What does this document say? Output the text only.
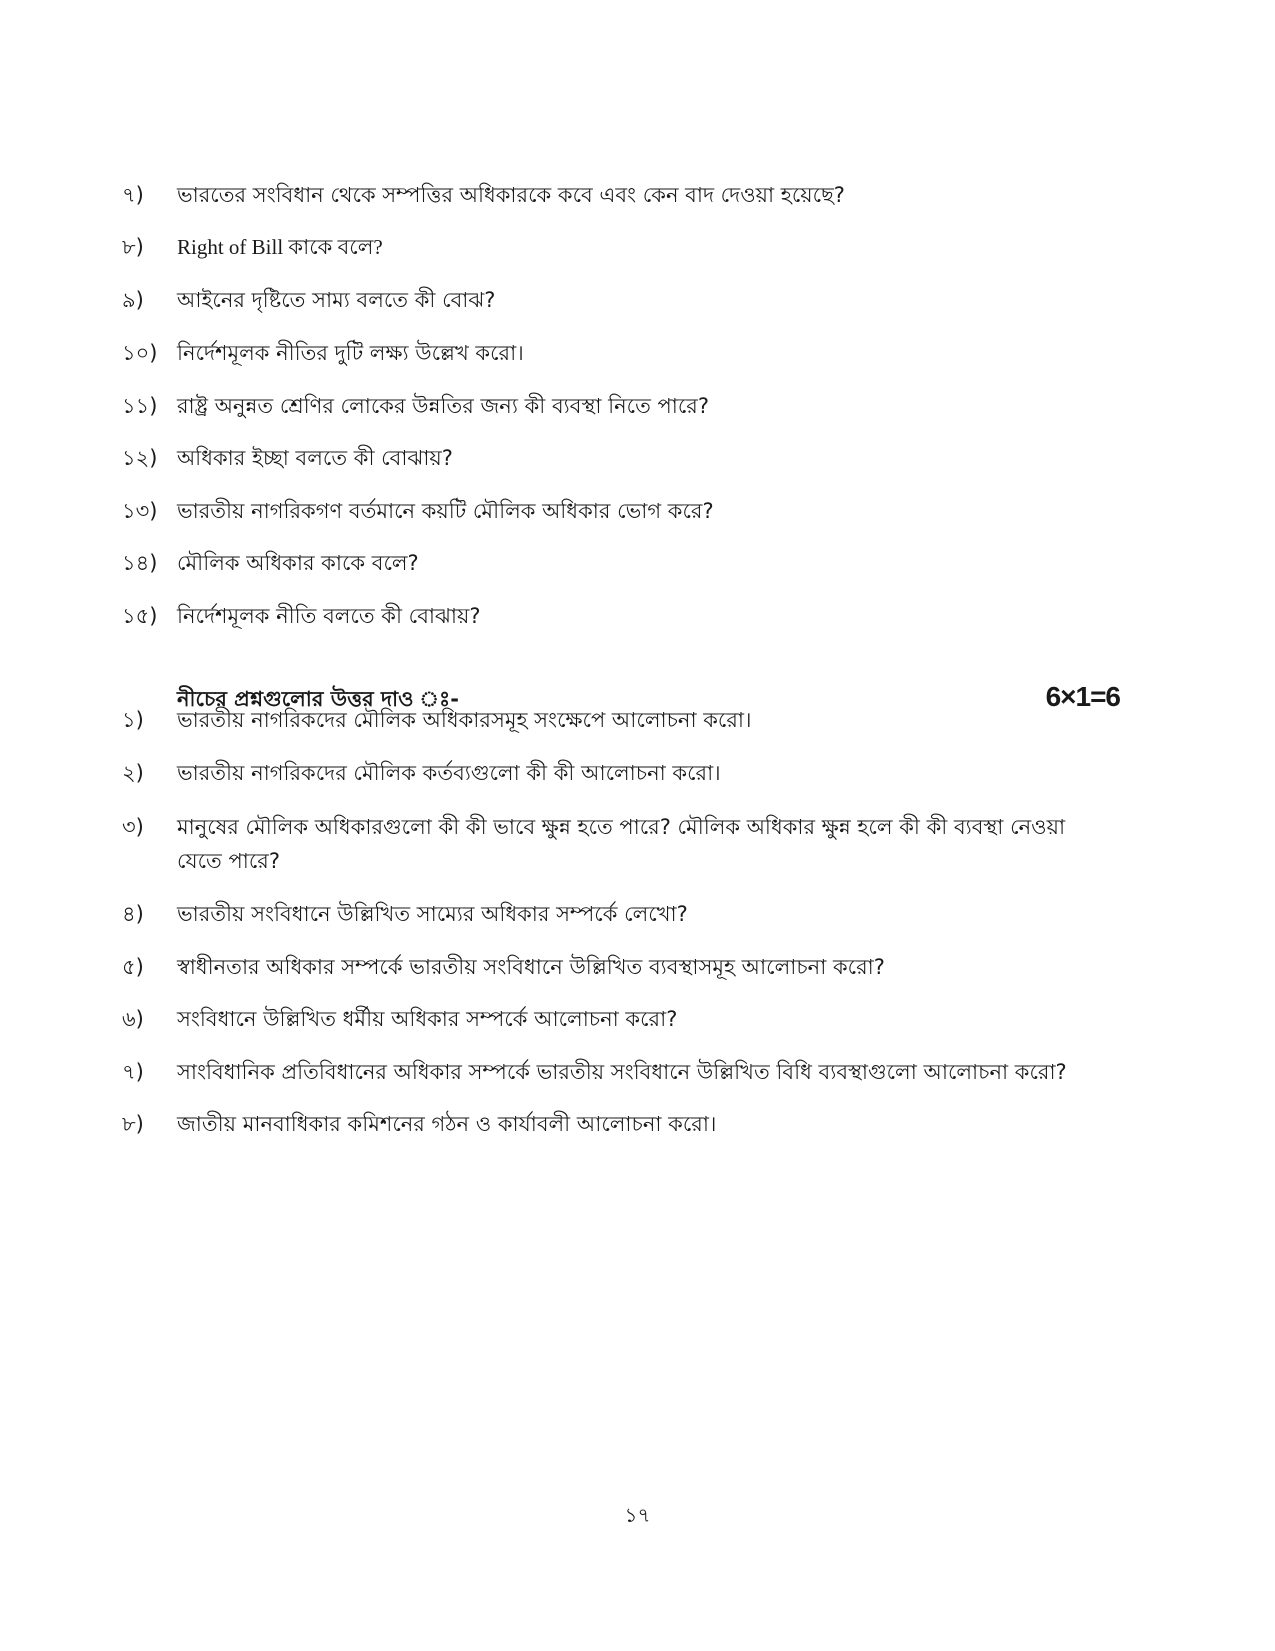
৭) ভারতের সংবিধান থেকে সম্পত্তির অধিকারকে কবে এবং কেন বাদ দেওয়া হয়েছে?
৮) Right of Bill কাকে বলে?
৯) আইনের দৃষ্টিতে সাম্য বলতে কী বোঝ?
১০) নির্দেশমূলক নীতির দুটি লক্ষ্য উল্লেখ করো।
১১) রাষ্ট্র অনুন্নত শ্রেণির লোকের উন্নতির জন্য কী ব্যবস্থা নিতে পারে?
১২) অধিকার ইচ্ছা বলতে কী বোঝায়?
১৩) ভারতীয় নাগরিকগণ বর্তমানে কয়টি মৌলিক অধিকার ভোগ করে?
১৪) মৌলিক অধিকার কাকে বলে?
১৫) নির্দেশমূলক নীতি বলতে কী বোঝায়?
নীচের প্রশ্নগুলোর উত্তর দাও ঃ-	6×1=6
১) ভারতীয় নাগরিকদের মৌলিক অধিকারসমূহ সংক্ষেপে আলোচনা করো।
২) ভারতীয় নাগরিকদের মৌলিক কর্তব্যগুলো কী কী আলোচনা করো।
৩) মানুষের মৌলিক অধিকারগুলো কী কী ভাবে ক্ষুন্ন হতে পারে? মৌলিক অধিকার ক্ষুন্ন হলে কী কী ব্যবস্থা নেওয়া যেতে পারে?
৪) ভারতীয় সংবিধানে উল্লিখিত সাম্যের অধিকার সম্পর্কে লেখো?
৫) স্বাধীনতার অধিকার সম্পর্কে ভারতীয় সংবিধানে উল্লিখিত ব্যবস্থাসমূহ আলোচনা করো?
৬) সংবিধানে উল্লিখিত ধর্মীয় অধিকার সম্পর্কে আলোচনা করো?
৭) সাংবিধানিক প্রতিবিধানের অধিকার সম্পর্কে ভারতীয় সংবিধানে উল্লিখিত বিধি ব্যবস্থাগুলো আলোচনা করো?
৮) জাতীয় মানবাধিকার কমিশনের গঠন ও কার্যাবলী আলোচনা করো।
১৭
